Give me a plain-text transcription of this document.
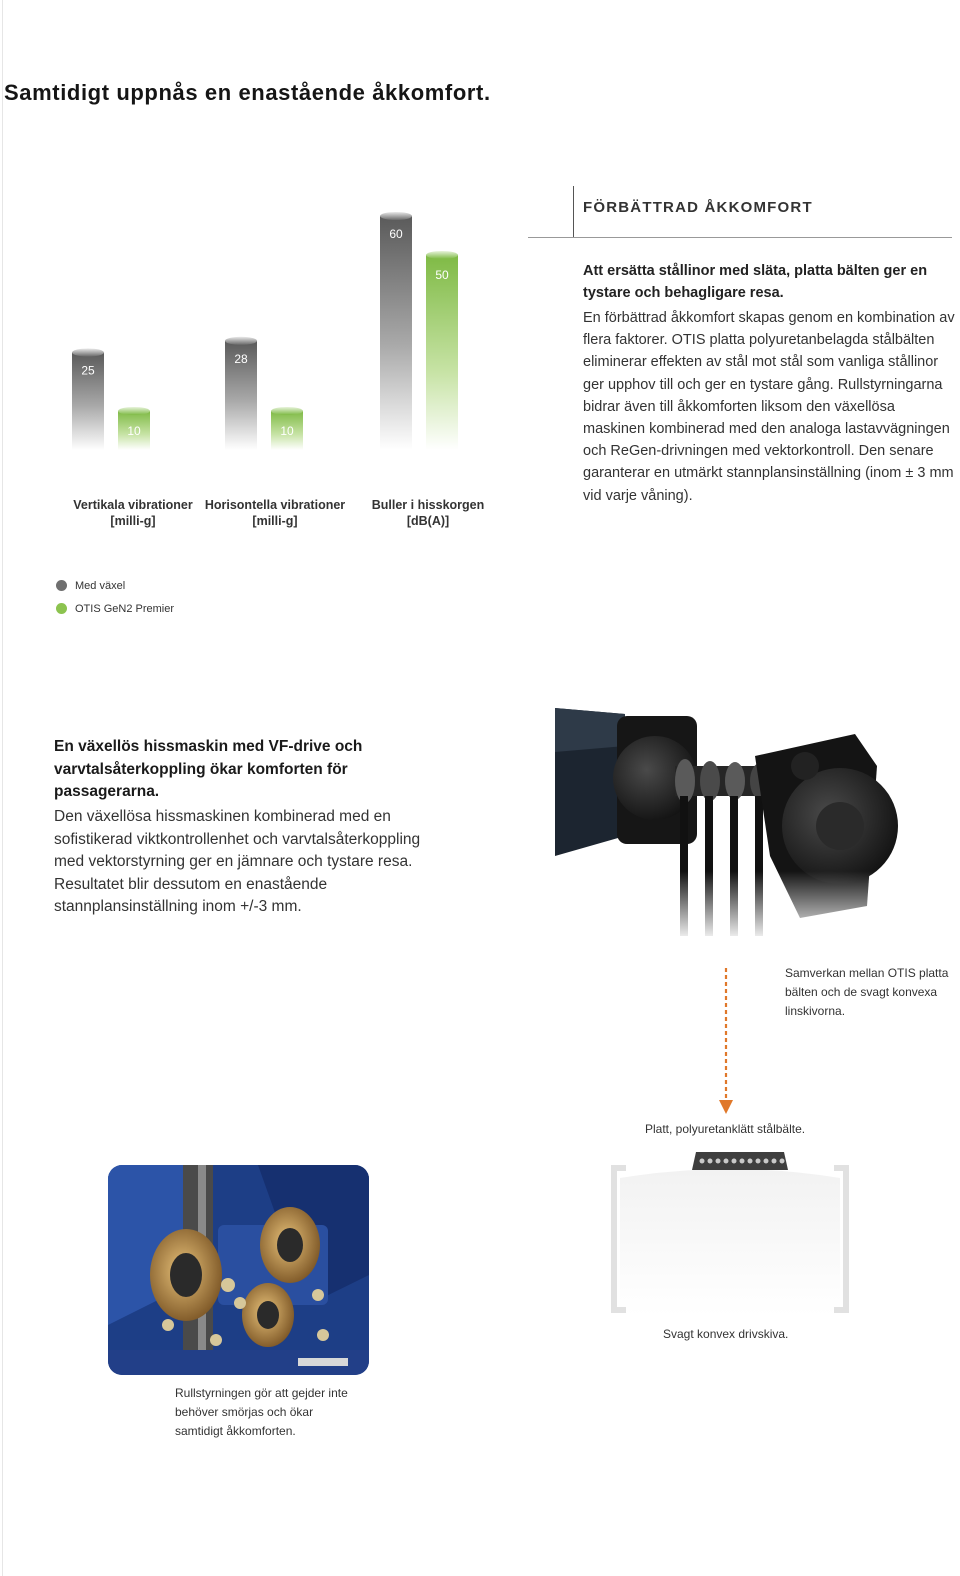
Samtidigt uppnås en enastående åkkomfort.
25
28
60
10	10
50
Vertikala vibrationer
[milli-g]
Horisontella vibrationer
[milli-g]
Buller i hisskorgen
[dB(A)]
FÖRBÄTTRAD ÅKKOMFORT
Att ersätta stållinor med släta, platta bälten ger en tystare och behagligare resa.
En förbättrad åkkomfort skapas genom en kombination av flera faktorer. OTIS platta polyuretanbelagda stålbälten eliminerar effekten av stål mot stål som vanliga stållinor ger upphov till och ger en tystare gång. Rullstyrningarna bidrar även till åkkomforten liksom den växellösa maskinen kombinerad med den analoga lastavvägningen och ReGen-drivningen med vektorkontroll. Den senare garanterar en utmärkt stannplansinställning (inom ± 3 mm vid varje våning).
Med växel
OTIS GeN2 Premier
En växellös hissmaskin med VF-drive och varvtalsåterkoppling ökar komforten för passagerarna.
Den växellösa hissmaskinen kombinerad med en sofistikerad viktkontrollenhet och varvtalsåterkoppling med vektorstyrning ger en jämnare och tystare resa. Resultatet blir dessutom en enastående stannplansinställning inom +/-3 mm.
Samverkan mellan OTIS platta bälten och de svagt konvexa linskivorna.
Platt, polyuretanklätt stålbälte.
Svagt konvex drivskiva.
Rullstyrningen gör att gejder inte behöver smörjas och ökar samtidigt åkkomforten.
